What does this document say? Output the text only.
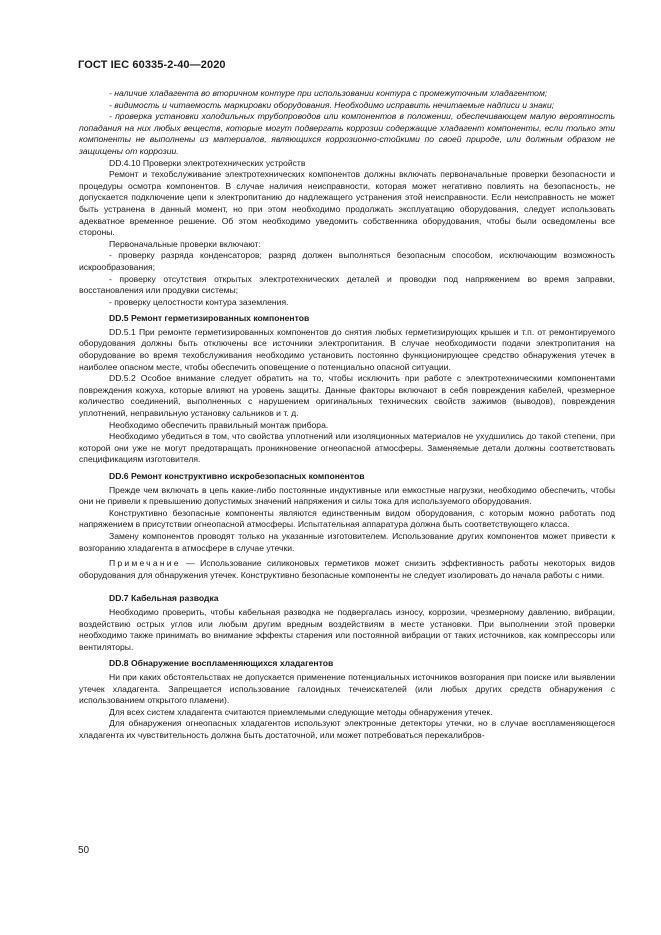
ГОСТ IEC 60335-2-40—2020

- наличие хладагента во вторичном контуре при использовании контура с промежуточным хладагентом;

- видимость и читаемость маркировки оборудования. Необходимо исправить нечитаемые надписи и знаки;

- проверка установки холодильных трубопроводов или компонентов в положении, обеспечивающем малую вероятность попадания на них любых веществ, которые могут подвергать коррозии содержащие хладагент компоненты, если только эти компоненты не выполнены из материалов, являющихся коррозионно-стойкими по своей природе, или должным образом не защищены от коррозии.

DD.4.10 Проверки электротехнических устройств

Ремонт и техобслуживание электротехнических компонентов должны включать первоначальные проверки безопасности и процедуры осмотра компонентов. В случае наличия неисправности, которая может негативно повлиять на безопасность, не допускается подключение цепи к электропитанию до надлежащего устранения этой неисправности. Если неисправность не может быть устранена в данный момент, но при этом необходимо продолжать эксплуатацию оборудования, следует использовать адекватное временное решение. Об этом необходимо уведомить собственника оборудования, чтобы были осведомлены все стороны.

Первоначальные проверки включают:

- проверку разряда конденсаторов; разряд должен выполняться безопасным способом, исключающим возможность искрообразования;

- проверку отсутствия открытых электротехнических деталей и проводки под напряжением во время заправки, восстановления или продувки системы;

- проверку целостности контура заземления.

DD.5 Ремонт герметизированных компонентов

DD.5.1 При ремонте герметизированных компонентов до снятия любых герметизирующих крышек и т.п. от ремонтируемого оборудования должны быть отключены все источники электропитания. В случае необходимости подачи электропитания на оборудование во время техобслуживания необходимо установить постоянно функционирующее средство обнаружения утечек в наиболее опасном месте, чтобы обеспечить оповещение о потенциально опасной ситуации.

DD.5.2 Особое внимание следует обратить на то, чтобы исключить при работе с электротехническими компонентами повреждения кожуха, которые влияют на уровень защиты. Данные факторы включают в себя повреждения кабелей, чрезмерное количество соединений, выполненных с нарушением оригинальных технических свойств зажимов (выводов), повреждения уплотнений, неправильную установку сальников и т. д.

Необходимо обеспечить правильный монтаж прибора.

Необходимо убедиться в том, что свойства уплотнений или изоляционных материалов не ухудшились до такой степени, при которой они уже не могут предотвращать проникновение огнеопасной атмосферы. Заменяемые детали должны соответствовать спецификациям изготовителя.

DD.6 Ремонт конструктивно искробезопасных компонентов

Прежде чем включать в цепь какие-либо постоянные индуктивные или емкостные нагрузки, необходимо обеспечить, чтобы они не привели к превышению допустимых значений напряжения и силы тока для используемого оборудования.

Конструктивно безопасные компоненты являются единственным видом оборудования, с которым можно работать под напряжением в присутствии огнеопасной атмосферы. Испытательная аппаратура должна быть соответствующего класса.

Замену компонентов проводят только на указанные изготовителем. Использование других компонентов может привести к возгоранию хладагента в атмосфере в случае утечки.

Примечание — Использование силиконовых герметиков может снизить эффективность работы некоторых видов оборудования для обнаружения утечек. Конструктивно безопасные компоненты не следует изолировать до начала работы с ними.

DD.7 Кабельная разводка

Необходимо проверить, чтобы кабельная разводка не подвергалась износу, коррозии, чрезмерному давлению, вибрации, воздействию острых углов или любым другим вредным воздействиям в месте установки. При выполнении этой проверки необходимо также принимать во внимание эффекты старения или постоянной вибрации от таких источников, как компрессоры или вентиляторы.

DD.8 Обнаружение воспламеняющихся хладагентов

Ни при каких обстоятельствах не допускается применение потенциальных источников возгорания при поиске или выявлении утечек хладагента. Запрещается использование галоидных течеискателей (или любых других средств обнаружения с использованием открытого пламени).

Для всех систем хладагента считаются приемлемыми следующие методы обнаружения утечек.

Для обнаружения огнеопасных хладагентов используют электронные детекторы утечки, но в случае воспламеняющегося хладагента их чувствительность должна быть достаточной, или может потребоваться перекалибров-

50
